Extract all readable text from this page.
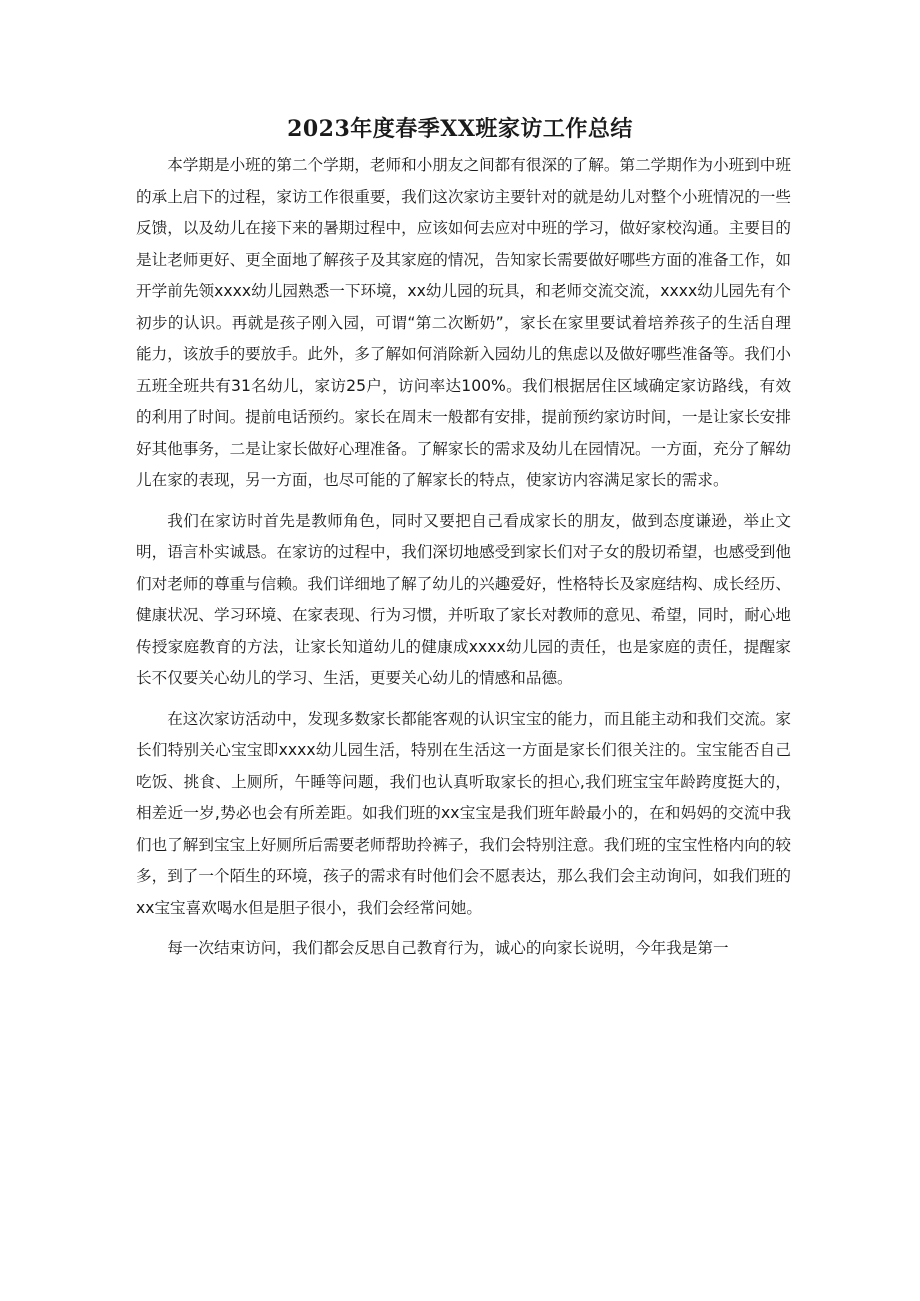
2023年度春季XX班家访工作总结

本学期是小班的第二个学期，老师和小朋友之间都有很深的了解。第二学期作为小班到中班的承上启下的过程，家访工作很重要，我们这次家访主要针对的就是幼儿对整个小班情况的一些反馈，以及幼儿在接下来的暑期过程中，应该如何去应对中班的学习，做好家校沟通。主要目的是让老师更好、更全面地了解孩子及其家庭的情况，告知家长需要做好哪些方面的准备工作，如开学前先领xxxx幼儿园熟悉一下环境，xx幼儿园的玩具，和老师交流交流，xxxx幼儿园先有个初步的认识。再就是孩子刚入园，可谓“第二次断奶”，家长在家里要试着培养孩子的生活自理能力，该放手的要放手。此外，多了解如何消除新入园幼儿的焦虑以及做好哪些准备等。我们小五班全班共有31名幼儿，家访25户，访问率达100%。我们根据居住区域确定家访路线，有效的利用了时间。提前电话预约。家长在周末一般都有安排，提前预约家访时间，一是让家长安排好其他事务，二是让家长做好心理准备。了解家长的需求及幼儿在园情况。一方面，充分了解幼儿在家的表现，另一方面，也尽可能的了解家长的特点，使家访内容满足家长的需求。

我们在家访时首先是教师角色，同时又要把自己看成家长的朋友，做到态度谦逊，举止文明，语言朴实诚恳。在家访的过程中，我们深切地感受到家长们对子女的殷切希望，也感受到他们对老师的尊重与信赖。我们详细地了解了幼儿的兴趣爱好，性格特长及家庭结构、成长经历、健康状况、学习环境、在家表现、行为习惯，并听取了家长对教师的意见、希望，同时，耐心地传授家庭教育的方法，让家长知道幼儿的健康成xxxx幼儿园的责任，也是家庭的责任，提醒家长不仅要关心幼儿的学习、生活，更要关心幼儿的情感和品德。

在这次家访活动中，发现多数家长都能客观的认识宝宝的能力，而且能主动和我们交流。家长们特别关心宝宝即xxxx幼儿园生活，特别在生活这一方面是家长们很关注的。宝宝能否自己吃饭、挑食、上厕所，午睡等问题，我们也认真听取家长的担心,我们班宝宝年龄跨度挺大的，相差近一岁,势必也会有所差距。如我们班的xx宝宝是我们班年龄最小的，在和妈妈的交流中我们也了解到宝宝上好厕所后需要老师帮助拎裤子，我们会特别注意。我们班的宝宝性格内向的较多，到了一个陌生的环境，孩子的需求有时他们会不愿表达，那么我们会主动询问，如我们班的xx宝宝喜欢喝水但是胆子很小，我们会经常问她。

每一次结束访问，我们都会反思自己教育行为，诚心的向家长说明，今年我是第一
